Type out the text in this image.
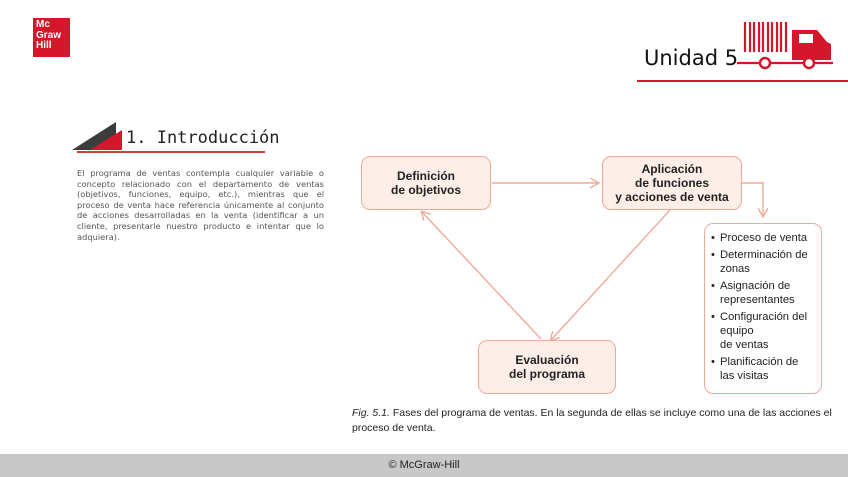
Mc
Graw
Hill
Unidad 5
1. Introducción
El programa de ventas contempla cualquier variable o concepto relacionado con el departamento de ventas (objetivos, funciones, equipo, etc.), mientras que el proceso de venta hace referencia únicamente al conjunto de acciones desarrolladas en la venta (identificar a un cliente, presentarle nuestro producto e intentar que lo adquiera).
Definición
de objetivos
Aplicación
de funciones
y acciones de venta
Evaluación
del programa
• Proceso de venta
• Determinación de
zonas
• Asignación de
representantes
• Configuración del
equipo
de ventas
• Planificación de
las visitas
Fig. 5.1. Fases del programa de ventas. En la segunda de ellas se incluye como una de las acciones el proceso de venta.
© McGraw-Hill
